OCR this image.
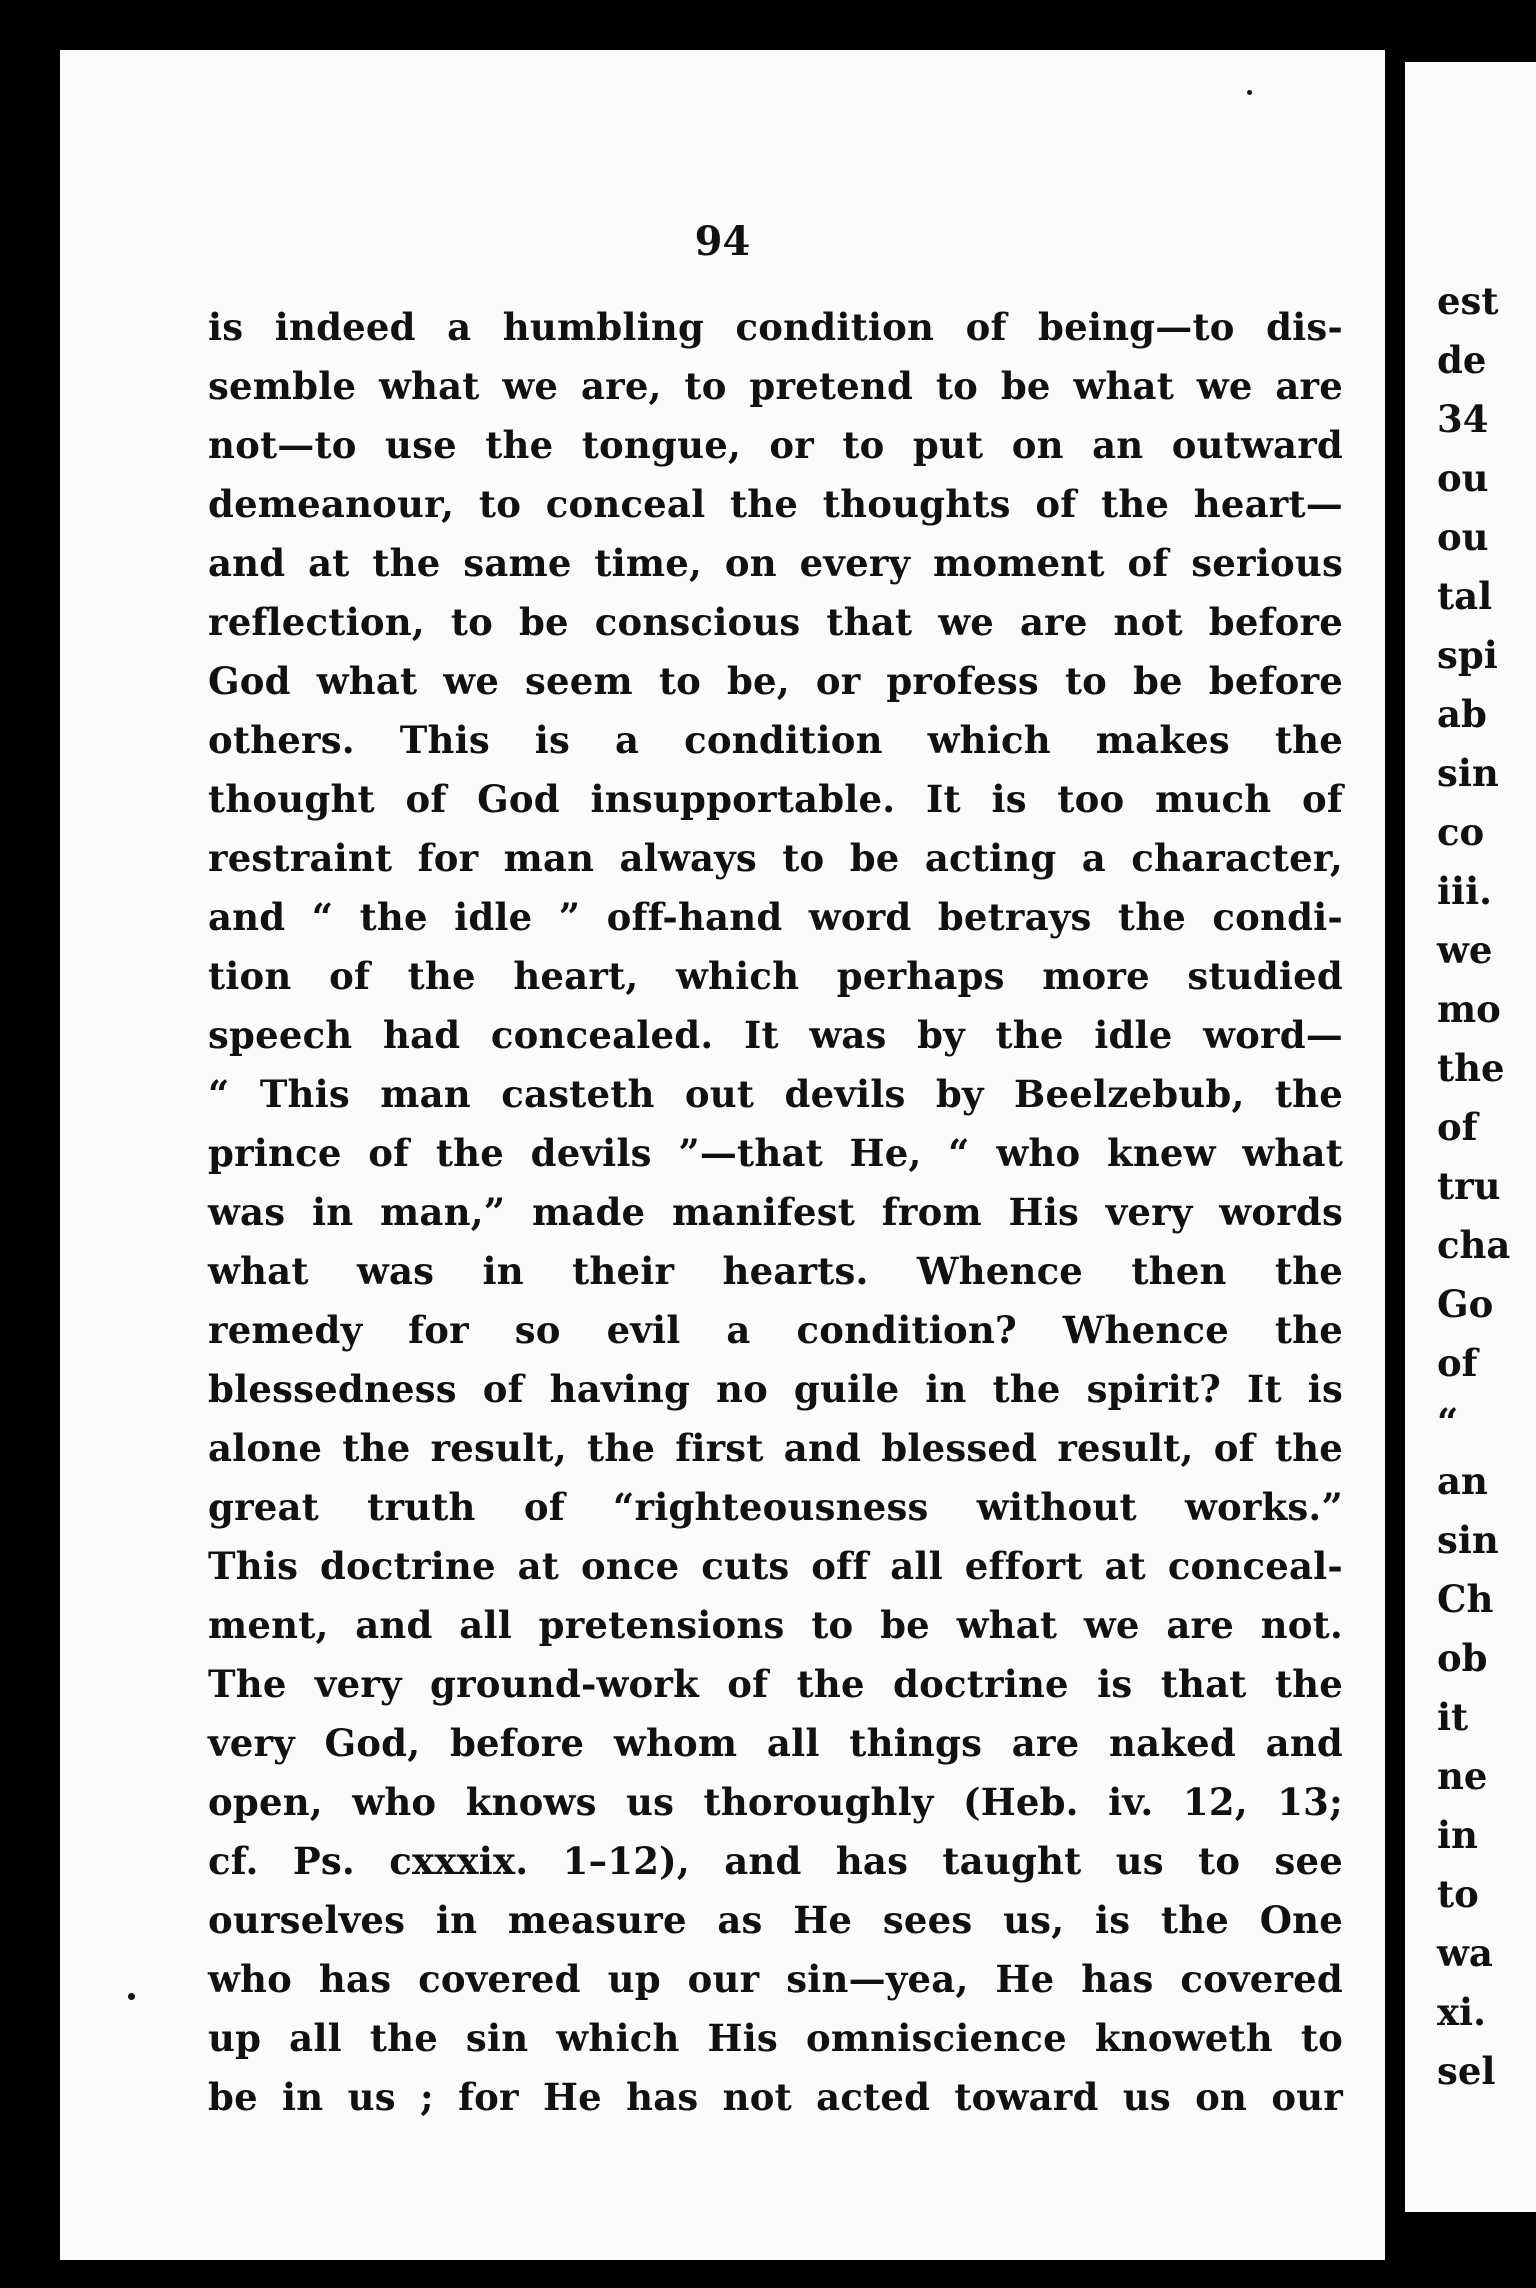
94
is indeed a humbling condition of being—to dis-
semble what we are, to pretend to be what we are
not—to use the tongue, or to put on an outward
demeanour, to conceal the thoughts of the heart—
and at the same time, on every moment of serious
reflection, to be conscious that we are not before
God what we seem to be, or profess to be before
others. This is a condition which makes the
thought of God insupportable. It is too much of
restraint for man always to be acting a character,
and “ the idle ” off-hand word betrays the condi-
tion of the heart, which perhaps more studied
speech had concealed. It was by the idle word—
“ This man casteth out devils by Beelzebub, the
prince of the devils ”—that He, “ who knew what
was in man,” made manifest from His very words
what was in their hearts. Whence then the
remedy for so evil a condition? Whence the
blessedness of having no guile in the spirit? It is
alone the result, the first and blessed result, of the
great truth of “righteousness without works.”
This doctrine at once cuts off all effort at conceal-
ment, and all pretensions to be what we are not.
The very ground-work of the doctrine is that the
very God, before whom all things are naked and
open, who knows us thoroughly (Heb. iv. 12, 13;
cf. Ps. cxxxix. 1–12), and has taught us to see
ourselves in measure as He sees us, is the One
who has covered up our sin—yea, He has covered
up all the sin which His omniscience knoweth to
be in us ; for He has not acted toward us on our
est
de
34
ou
ou
tal
spi
ab
sin
co
iii.
we
mo
the
of
tru
cha
Go
of
“
an
sin
Ch
ob
it
ne
in
to
wa
xi.
sel
